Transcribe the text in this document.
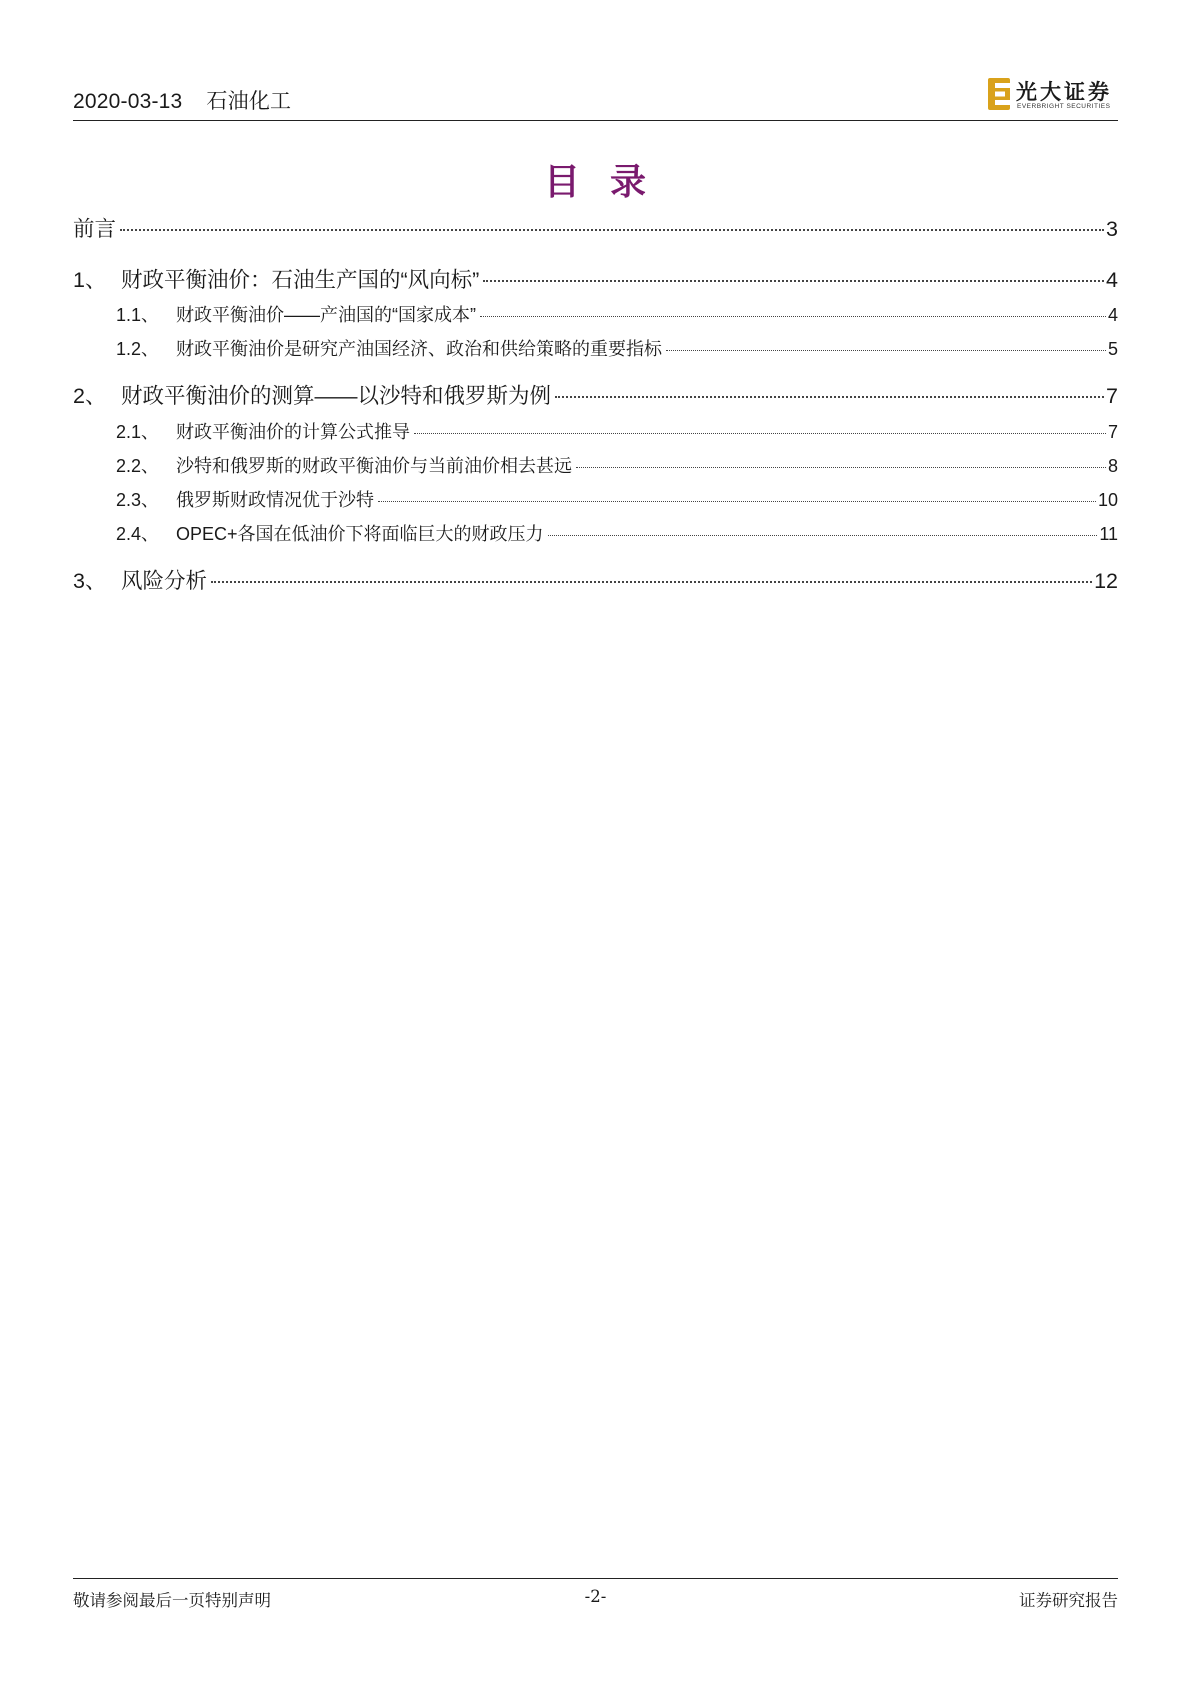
2020-03-13 石油化工	光大证券
EVERBRIGHT SECURITIES
目录
前言	3
1、 财政平衡油价：石油生产国的“风向标”	4
1.1、 财政平衡油价——产油国的“国家成本”	4
1.2、 财政平衡油价是研究产油国经济、政治和供给策略的重要指标	5
2、 财政平衡油价的测算——以沙特和俄罗斯为例	7
2.1、 财政平衡油价的计算公式推导	7
2.2、 沙特和俄罗斯的财政平衡油价与当前油价相去甚远	8
2.3、 俄罗斯财政情况优于沙特	10
2.4、 OPEC+各国在低油价下将面临巨大的财政压力	11
3、 风险分析	12
敬请参阅最后一页特别声明	-2-	证券研究报告
